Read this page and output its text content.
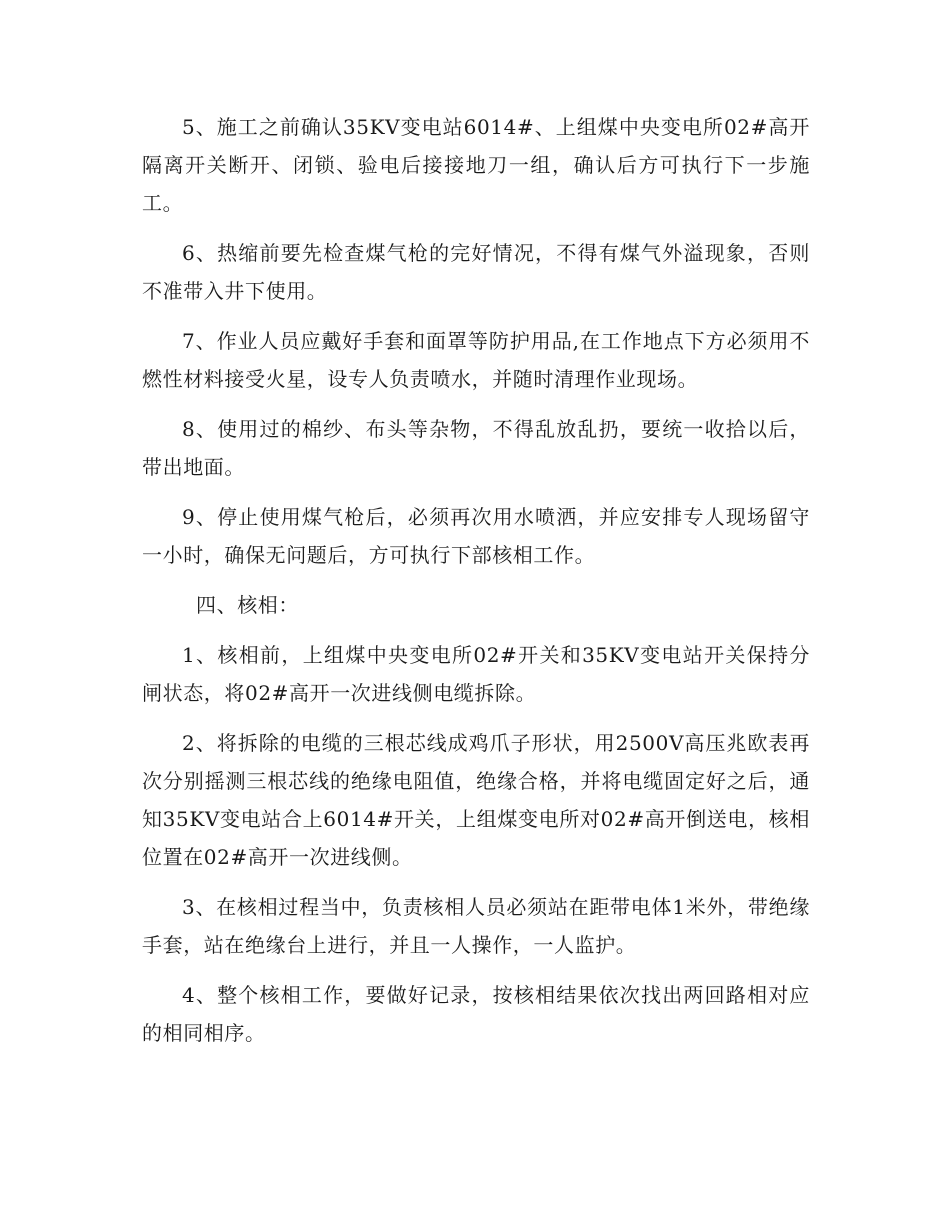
5、施工之前确认35KV变电站6014#、上组煤中央变电所02#高开隔离开关断开、闭锁、验电后接接地刀一组，确认后方可执行下一步施工。

6、热缩前要先检查煤气枪的完好情况，不得有煤气外溢现象，否则不准带入井下使用。

7、作业人员应戴好手套和面罩等防护用品,在工作地点下方必须用不燃性材料接受火星，设专人负责喷水，并随时清理作业现场。

8、使用过的棉纱、布头等杂物，不得乱放乱扔，要统一收拾以后，带出地面。

9、停止使用煤气枪后，必须再次用水喷洒，并应安排专人现场留守一小时，确保无问题后，方可执行下部核相工作。

四、核相：

1、核相前，上组煤中央变电所02#开关和35KV变电站开关保持分闸状态，将02#高开一次进线侧电缆拆除。

2、将拆除的电缆的三根芯线成鸡爪子形状，用2500V高压兆欧表再次分别摇测三根芯线的绝缘电阻值，绝缘合格，并将电缆固定好之后，通知35KV变电站合上6014#开关，上组煤变电所对02#高开倒送电，核相位置在02#高开一次进线侧。

3、在核相过程当中，负责核相人员必须站在距带电体1米外，带绝缘手套，站在绝缘台上进行，并且一人操作，一人监护。

4、整个核相工作，要做好记录，按核相结果依次找出两回路相对应的相同相序。
